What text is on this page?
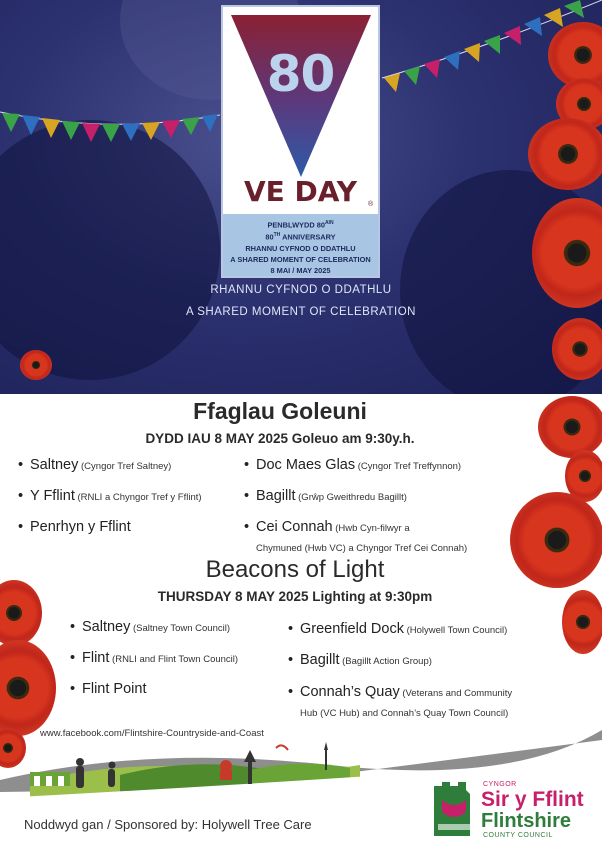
80
VE DAY	®
PENBLWYDD $80^{AIN}$
80TH ANNIVERSARY
RHANNU CYFNOD O DDATHLU
A SHARED MOMENT OF CELEBRATION
8 MAI / MAY 2025
RHANNU CYFNOD O DDATHLU
A SHARED MOMENT OF CELEBRATION
Ffaglau Goleuni
DYDD IAU 8 MAY 2025 Goleuo am 9:30y.h.
• Saltney (Cyngor Tref Saltney)	• Doc Maes Glas (Cyngor Tref Treffynnon)
• Y Fflint (RNLI a Chyngor Tref y Fflint)	• Bagillt (Grŵp Gweithredu Bagillt)
• Penrhyn y Fflint	• Cei Connah (Hwb Cyn-filwyr a
Chymuned (Hwb VC) a Chyngor Tref Cei Connah)
Beacons of Light
THURSDAY 8 MAY 2025 Lighting at 9:30pm
• Saltney (Saltney Town Council)	• Greenfield Dock (Holywell Town Council)
• Flint (RNLI and Flint Town Council)	• Bagillt (Bagillt Action Group)
• Flint Point	• Connah’s Quay (Veterans and Community
Hub (VC Hub) and Connah’s Quay Town Council)
www.facebook.com/Flintshire-Countryside-and-Coast
Noddwyd gan / Sponsored by: Holywell Tree Care
CYNGOR
Sir y Fflint
Flintshire
COUNTY COUNCIL
